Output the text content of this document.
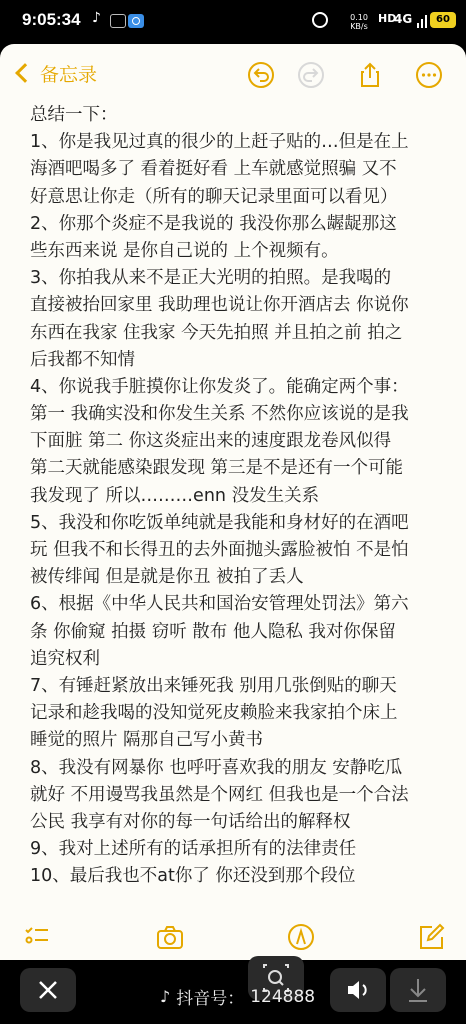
9:05:34 ♪	0.10
KB/s
HD
4G	60
备忘录
总结一下：
1、你是我见过真的很少的上赶子贴的…但是在上
海酒吧喝多了 看着挺好看 上车就感觉照骗 又不
好意思让你走（所有的聊天记录里面可以看见）
2、你那个炎症不是我说的 我没你那么龌龊那这
些东西来说 是你自己说的 上个视频有。
3、你拍我从来不是正大光明的拍照。是我喝的
直接被抬回家里 我助理也说让你开酒店去 你说你
东西在我家 住我家 今天先拍照 并且拍之前 拍之
后我都不知情
4、你说我手脏摸你让你发炎了。能确定两个事：
第一 我确实没和你发生关系 不然你应该说的是我
下面脏 第二 你这炎症出来的速度跟龙卷风似得
第二天就能感染跟发现 第三是不是还有一个可能
我发现了 所以………enn 没发生关系
5、我没和你吃饭单纯就是我能和身材好的在酒吧
玩 但我不和长得丑的去外面抛头露脸被怕 不是怕
被传绯闻 但是就是你丑 被拍了丢人
6、根据《中华人民共和国治安管理处罚法》第六
条 你偷窥 拍摄 窃听 散布 他人隐私 我对你保留
追究权利
7、有锤赶紧放出来锤死我 别用几张倒贴的聊天
记录和趁我喝的没知觉死皮赖脸来我家拍个床上
睡觉的照片 隔那自己写小黄书
8、我没有网暴你 也呼吁喜欢我的朋友 安静吃瓜
就好 不用谩骂我虽然是个网红 但我也是一个合法
公民 我享有对你的每一句话给出的解释权
9、我对上述所有的话承担所有的法律责任
10、最后我也不at你了 你还没到那个段位
♪ 抖音号： 124888
